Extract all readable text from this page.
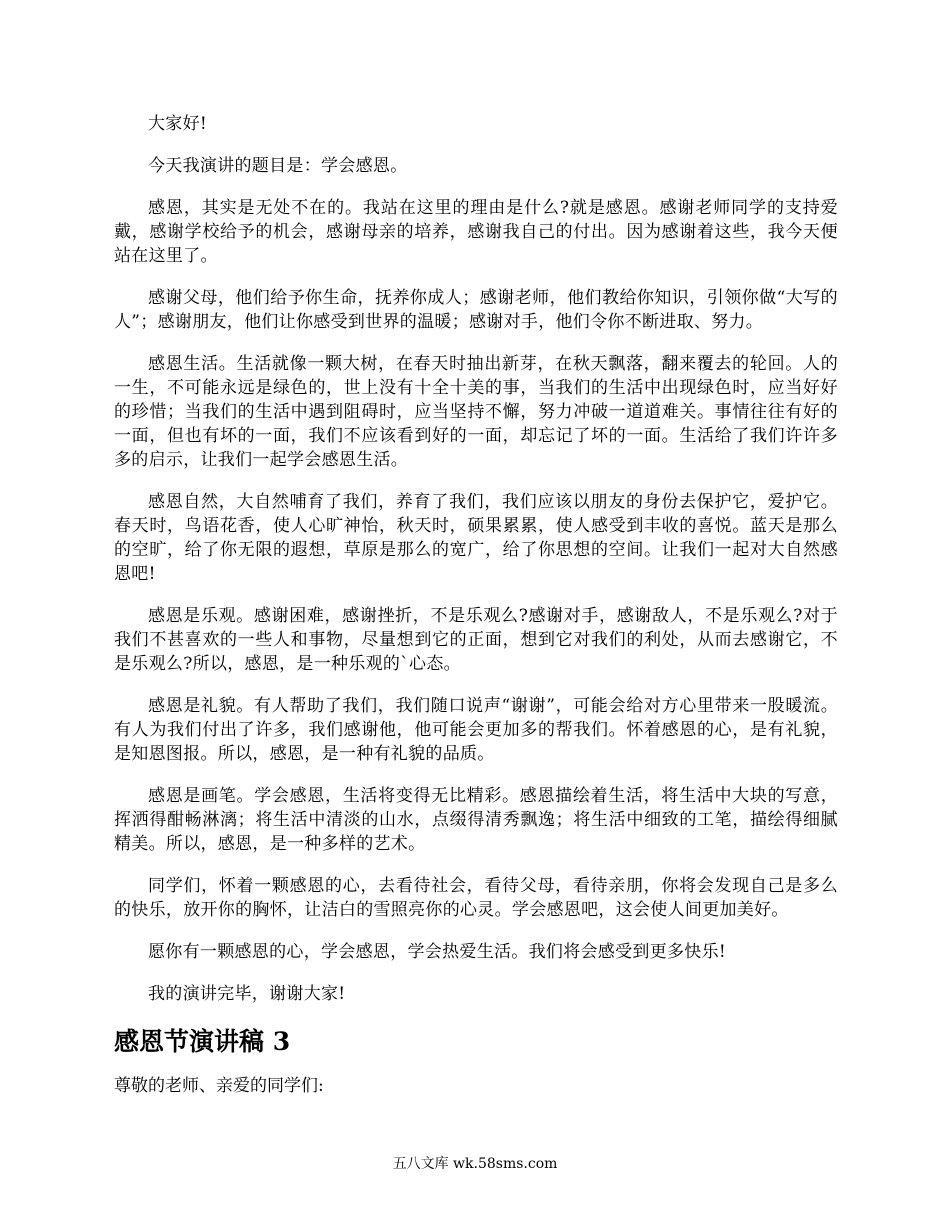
大家好!

今天我演讲的题目是：学会感恩。

感恩，其实是无处不在的。我站在这里的理由是什么?就是感恩。感谢老师同学的支持爱戴，感谢学校给予的机会，感谢母亲的培养，感谢我自己的付出。因为感谢着这些，我今天便站在这里了。

感谢父母，他们给予你生命，抚养你成人；感谢老师，他们教给你知识，引领你做“大写的人”；感谢朋友，他们让你感受到世界的温暖；感谢对手，他们令你不断进取、努力。

感恩生活。生活就像一颗大树，在春天时抽出新芽，在秋天飘落，翻来覆去的轮回。人的一生，不可能永远是绿色的，世上没有十全十美的事，当我们的生活中出现绿色时，应当好好的珍惜；当我们的生活中遇到阻碍时，应当坚持不懈，努力冲破一道道难关。事情往往有好的一面，但也有坏的一面，我们不应该看到好的一面，却忘记了坏的一面。生活给了我们许许多多的启示，让我们一起学会感恩生活。

感恩自然，大自然哺育了我们，养育了我们，我们应该以朋友的身份去保护它，爱护它。春天时，鸟语花香，使人心旷神怡，秋天时，硕果累累，使人感受到丰收的喜悦。蓝天是那么的空旷，给了你无限的遐想，草原是那么的宽广，给了你思想的空间。让我们一起对大自然感恩吧!

感恩是乐观。感谢困难，感谢挫折，不是乐观么?感谢对手，感谢敌人，不是乐观么?对于我们不甚喜欢的一些人和事物，尽量想到它的正面，想到它对我们的利处，从而去感谢它，不是乐观么?所以，感恩，是一种乐观的`心态。

感恩是礼貌。有人帮助了我们，我们随口说声“谢谢”，可能会给对方心里带来一股暖流。有人为我们付出了许多，我们感谢他，他可能会更加多的帮我们。怀着感恩的心，是有礼貌，是知恩图报。所以，感恩，是一种有礼貌的品质。

感恩是画笔。学会感恩，生活将变得无比精彩。感恩描绘着生活，将生活中大块的写意，挥洒得酣畅淋漓；将生活中清淡的山水，点缀得清秀飘逸；将生活中细致的工笔，描绘得细腻精美。所以，感恩，是一种多样的艺术。

同学们，怀着一颗感恩的心，去看待社会，看待父母，看待亲朋，你将会发现自己是多么的快乐，放开你的胸怀，让洁白的雪照亮你的心灵。学会感恩吧，这会使人间更加美好。

愿你有一颗感恩的心，学会感恩，学会热爱生活。我们将会感受到更多快乐!

我的演讲完毕，谢谢大家!

感恩节演讲稿 3

尊敬的老师、亲爱的同学们:

五八文库 wk.58sms.com
